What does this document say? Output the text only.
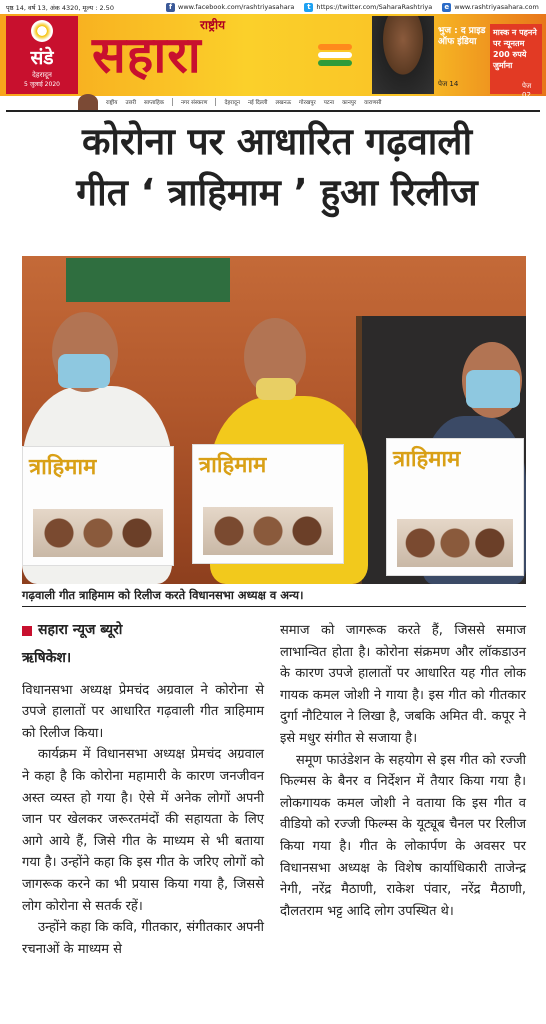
पृष्ठ 14, वर्ष 13, अंक 4320, मूल्य : 2.50	f www.facebook.com/rashtriyasahara	t https://twitter.com/SaharaRashtriya	e www.rashtriyasahara.com
संडे
देहरादून
5 जुलाई 2020
राष्ट्रीय
सहारा	भुज : द प्राइड ऑफ इंडिया
पेज 14
मास्क न पहनने पर न्यूनतम 200 रुपये जुर्माना
पेज 02
राष्ट्रीय उत्तरी साप्ताहिक	नगर संस्करण	देहरादून नई दिल्ली लखनऊ गोरखपुर पटना कानपुर वाराणसी
कोरोना पर आधारित गढ़वाली
गीत ‘ त्राहिमाम ’ हुआ रिलीज
त्राहिमाम	त्राहिमाम	त्राहिमाम
गढ़वाली गीत त्राहिमाम को रिलीज करते विधानसभा अध्यक्ष व अन्य।
सहारा न्यूज ब्यूरो
ऋषिकेश।

विधानसभा अध्यक्ष प्रेमचंद अग्रवाल ने कोरोना से उपजे हालातों पर आधारित गढ़वाली गीत त्राहिमाम को रिलीज किया।

कार्यक्रम में विधानसभा अध्यक्ष प्रेमचंद अग्रवाल ने कहा है कि कोरोना महामारी के कारण जनजीवन अस्त व्यस्त हो गया है। ऐसे में अनेक लोगों अपनी जान पर खेलकर जरूरतमंदों की सहायता के लिए आगे आये हैं, जिसे गीत के माध्यम से भी बताया गया है। उन्होंने कहा कि इस गीत के जरिए लोगों को जागरूक करने का भी प्रयास किया गया है, जिससे लोग कोरोना से सतर्क रहें।

उन्होंने कहा कि कवि, गीतकार, संगीतकार अपनी रचनाओं के माध्यम से

समाज को जागरूक करते हैं, जिससे समाज लाभान्वित होता है। कोरोना संक्रमण और लॉकडाउन के कारण उपजे हालातों पर आधारित यह गीत लोक गायक कमल जोशी ने गाया है। इस गीत को गीतकार दुर्गा नौटियाल ने लिखा है, जबकि अमित वी. कपूर ने इसे मधुर संगीत से सजाया है।

समूण फाउंडेशन के सहयोग से इस गीत को रज्जी फिल्मस के बैनर व निर्देशन में तैयार किया गया है। लोकगायक कमल जोशी ने वताया कि इस गीत व वीडियो को रज्जी फिल्म्स के यूट्यूब चैनल पर रिलीज किया गया है। गीत के लोकार्पण के अवसर पर विधानसभा अध्यक्ष के विशेष कार्याधिकारी ताजेन्द्र नेगी, नरेंद्र मैठाणी, राकेश पंवार, नरेंद्र मैठाणी, दौलतराम भट्ट आदि लोग उपस्थित थे।
